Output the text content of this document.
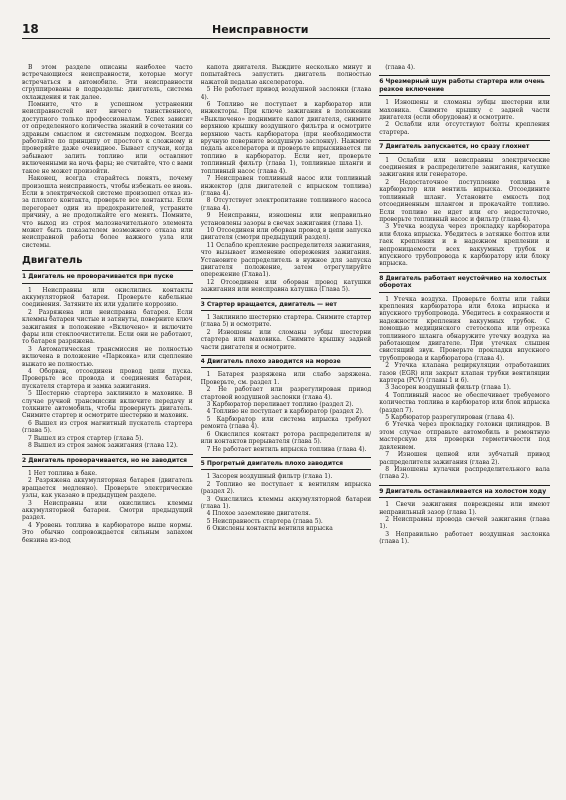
18	Неисправности

В этом разделе описаны наиболее часто встречающиеся неисправности, которые могут встречаться в автомобиле. Эти неисправности сгруппированы в подразделы: двигатель, система охлаждения и так далее.

Помните, что в успешном устранении неисправностей нет ничего таинственного, доступного только профессионалам. Успех зависит от определенного количества знаний в сочетании со здравым смыслом и системным подходом. Всегда работайте по принципу от простого к сложному и проверяйте даже очевидное. Бывает случаи, когда забывают залить топливо или оставляют включенными на ночь фары; не считайте, что с вами такое не может произойти.

Наконец, всегда старайтесь понять, почему произошла неисправность, чтобы избежать ее вновь. Если в электрической системе произошел отказ из-за плохого контакта, проверьте все контакты. Если перегорает один из предохранителей, устраните причину, а не продолжайте его менять. Помните, что выход из строя малозначительного элемента может быть показателем возможного отказа или неисправной работы более важного узла или системы.

Двигатель
1 Двигатель не проворачивается при пуске

1 Неисправны или окислились контакты аккумуляторной батареи. Проверьте кабельные соединения. Затяните их или удалите коррозию.

2 Разряжена или неисправна батарея. Если клеммы батареи чистые и затянуты, поверните ключ зажигания в положение «Включено» и включите фары или стеклоочистители. Если они не работают, то батарея разряжена.

3 Автоматическая трансмиссия не полностью включена в положение «Парковка» или сцепление выжато не полностью.

4 Оборван, отсоединен провод цепи пуска. Проверьте все провода и соединения батареи, пускателя стартера и замка зажигания.

5 Шестерню стартера заклинило в маховике. В случае ручной трансмиссии включите передачу и толкните автомобиль, чтобы провернуть двигатель. Снимите стартер и осмотрите шестерню и маховик.

6 Вышел из строя магнитный пускатель стартера (глава 5).

7 Вышел из строя стартер (глава 5).

8 Вышел из строя замок зажигания (глава 12).

2 Двигатель проворачивается, но не заводится

1 Нет топлива в баке.

2 Разряжена аккумуляторная батарея (двигатель вращается медленно). Проверьте электрические узлы, как указано в предыдущем разделе.

3 Неисправны или окислились клеммы аккумуляторной батареи. Смотри предыдущий раздел.

4 Уровень топлива в карбюраторе выше нормы. Это обычно сопровождается сильным запахом бензина из-под

капота двигателя. Выждите несколько минут и попытайтесь запустить двигатель полностью нажатой педалью акселератора.

5 Не работает привод воздушной заслонки (глава 4).

6 Топливо не поступает в карбюратор или инжекторы. При ключе зажигания в положении «Выключено» поднимите капот двигателя, снимите верхнюю крышку воздушного фильтра и осмотрите верхнюю часть карбюратора (при необходимости вручную поверните воздушную заслонку). Нажмите педаль акселератора и проверьте впрыскивается ли топливо в карбюратор. Если нет, проверьте топливный фильтр (глава 1), топливные шланги и топливный насос (глава 4).

7 Неисправен топливный насос или топливный инжектор (для двигателей с впрыском топлива) (глава 4).

8 Отсутствует электропитание топливного насоса (глава 4).

9 Неисправны, изношены или неправильно установлены зазоры в свечах зажигания (глава 1).

10 Отсоединен или оборван провод в цепи запуска двигателя (смотри предыдущий раздел).

11 Ослабло крепление распределителя зажигания, что вызывает изменение опережения зажигания. Установите распределитель в нужное для запуска двигателя положение, затем отрегулируйте опережение (Глава1).

12 Отсоединен или оборван провод катушки зажигания или неисправна катушка (Глава 5).

3 Стартер вращается, двигатель — нет

1 Заклинило шестерню стартера. Снимите стартер (глава 5) и осмотрите.

2 Изношены или сломаны зубцы шестерни стартера или маховика. Снимите крышку задней части двигателя и осмотрите.

4 Двигатель плохо заводится на морозе

1 Батарея разряжена или слабо заряжена. Проверьте, см. раздел 1.

2 Не работает или разрегулирован привод стартовой воздушной заслонки (глава 4).

3 Карбюратор переливает топливо (раздел 2).

4 Топливо не поступает в карбюратор (раздел 2).

5 Карбюратор или система впрыска требуют ремонта (глава 4).

6 Окислился контакт ротора распределителя и/или контактов прерывателя (глава 5).

7 Не работает вентиль впрыска топлива (глава 4).

5 Прогретый двигатель плохо заводится

1 Засорен воздушный фильтр (глава 1).

2 Топливо не поступает к вентилям впрыска (раздел 2).

3 Окислились клеммы аккумуляторной батареи (глава 1).

4 Плохое заземление двигателя.

5 Неисправность стартера (глава 5).

6 Окислены контакты вентиля впрыска

(глава 4).

6 Чрезмерный шум работы стартера или очень резкое включение

1 Изношены и сломаны зубцы шестерни или маховика. Снимите крышку с задней части двигателя (если оборудован) и осмотрите.

2 Ослабли или отсутствуют болты крепления стартера.

7 Двигатель запускается, но сразу глохнет

1 Ослабли или неисправны электрические соединения в распределителе зажигания, катушке зажигания или генераторе.

2 Недостаточное поступление топлива в карбюратор или вентиль впрыска. Отсоедините топливный шланг. Установите емкость под отсоединенным шлангом и прокачайте топливо. Если топливо не идет или его недостаточно, проверьте топливный насос и фильтр (глава 4).

3 Утечка воздуха через прокладку карбюратора или блока впрыска. Убедитесь в затяжке болтов или гаек крепления и в надежном креплении и непроницаемости всех вакуумных трубок и впускного трубопровода к карбюратору или блоку впрыска.

8 Двигатель работает неустойчиво на холостых оборотах

1 Утечка воздуха. Проверьте болты или гайки крепления карбюратора или блока впрыска и впускного трубопровода. Убедитесь в сохранности и надежности крепления вакуумных трубок. С помощью медицинского стетоскопа или отрезка топливного шланга обнаружите утечку воздуха на работающем двигателе. При утечках слышен свистящий звук. Проверьте прокладки впускного трубопровода и карбюратора (глава 4).

2 Утечка клапана рециркуляции отработавших газов (EGR) или закрыт клапан трубки вентиляции картера (PCV) (главы 1 и 6).

3 Засорен воздушный фильтр (глава 1).

4 Топливный насос не обеспечивает требуемого количества топлива в карбюратор или блок впрыска (раздел 7).

5 Карбюратор разрегулирован (глава 4).

6 Утечка через прокладку головки цилиндров. В этом случае отправьте автомобиль в ремонтную мастерскую для проверки герметичности под давлением.

7 Изношен цепной или зубчатый привод распределителя зажигания (глава 2).

8 Изношены кулачки распределительного вала (глава 2).

9 Двигатель останавливается на холостом ходу

1 Свечи зажигания повреждены или имеют неправильный зазор (глава 1).

2 Неисправны провода свечей зажигания (глава 1).

3 Неправильно работает воздушная заслонка (глава 1).
